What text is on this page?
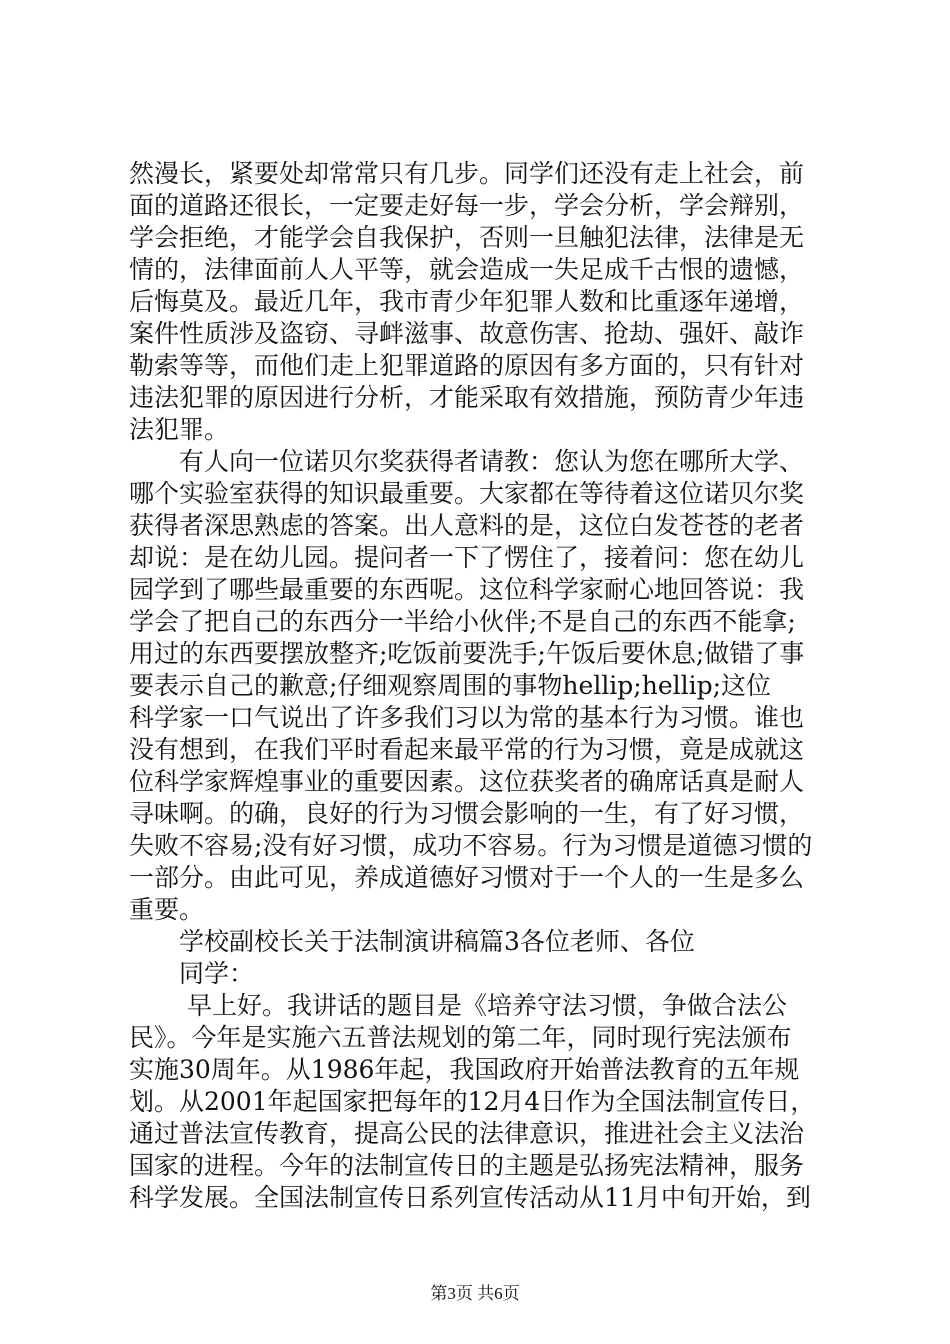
然漫长，紧要处却常常只有几步。同学们还没有走上社会，前
面的道路还很长，一定要走好每一步，学会分析，学会辩别，
学会拒绝，才能学会自我保护，否则一旦触犯法律，法律是无
情的，法律面前人人平等，就会造成一失足成千古恨的遗憾，
后悔莫及。最近几年，我市青少年犯罪人数和比重逐年递增，
案件性质涉及盗窃、寻衅滋事、故意伤害、抢劫、强奸、敲诈
勒索等等，而他们走上犯罪道路的原因有多方面的，只有针对
违法犯罪的原因进行分析，才能采取有效措施，预防青少年违
法犯罪。
　　有人向一位诺贝尔奖获得者请教：您认为您在哪所大学、
哪个实验室获得的知识最重要。大家都在等待着这位诺贝尔奖
获得者深思熟虑的答案。出人意料的是，这位白发苍苍的老者
却说：是在幼儿园。提问者一下了愣住了，接着问：您在幼儿
园学到了哪些最重要的东西呢。这位科学家耐心地回答说：我
学会了把自己的东西分一半给小伙伴;不是自己的东西不能拿;
用过的东西要摆放整齐;吃饭前要洗手;午饭后要休息;做错了事
要表示自己的歉意;仔细观察周围的事物hellip;hellip;这位
科学家一口气说出了许多我们习以为常的基本行为习惯。谁也
没有想到，在我们平时看起来最平常的行为习惯，竟是成就这
位科学家辉煌事业的重要因素。这位获奖者的确席话真是耐人
寻味啊。的确，良好的行为习惯会影响的一生，有了好习惯，
失败不容易;没有好习惯，成功不容易。行为习惯是道德习惯的
一部分。由此可见，养成道德好习惯对于一个人的一生是多么
重要。
　　学校副校长关于法制演讲稿篇3各位老师、各位
　　同学：
　　 早上好。我讲话的题目是《培养守法习惯，争做合法公
民》。今年是实施六五普法规划的第二年，同时现行宪法颁布
实施30周年。从1986年起，我国政府开始普法教育的五年规
划。从2001年起国家把每年的12月4日作为全国法制宣传日，
通过普法宣传教育，提高公民的法律意识，推进社会主义法治
国家的进程。今年的法制宣传日的主题是弘扬宪法精神，服务
科学发展。全国法制宣传日系列宣传活动从11月中旬开始，到
第3页 共6页
